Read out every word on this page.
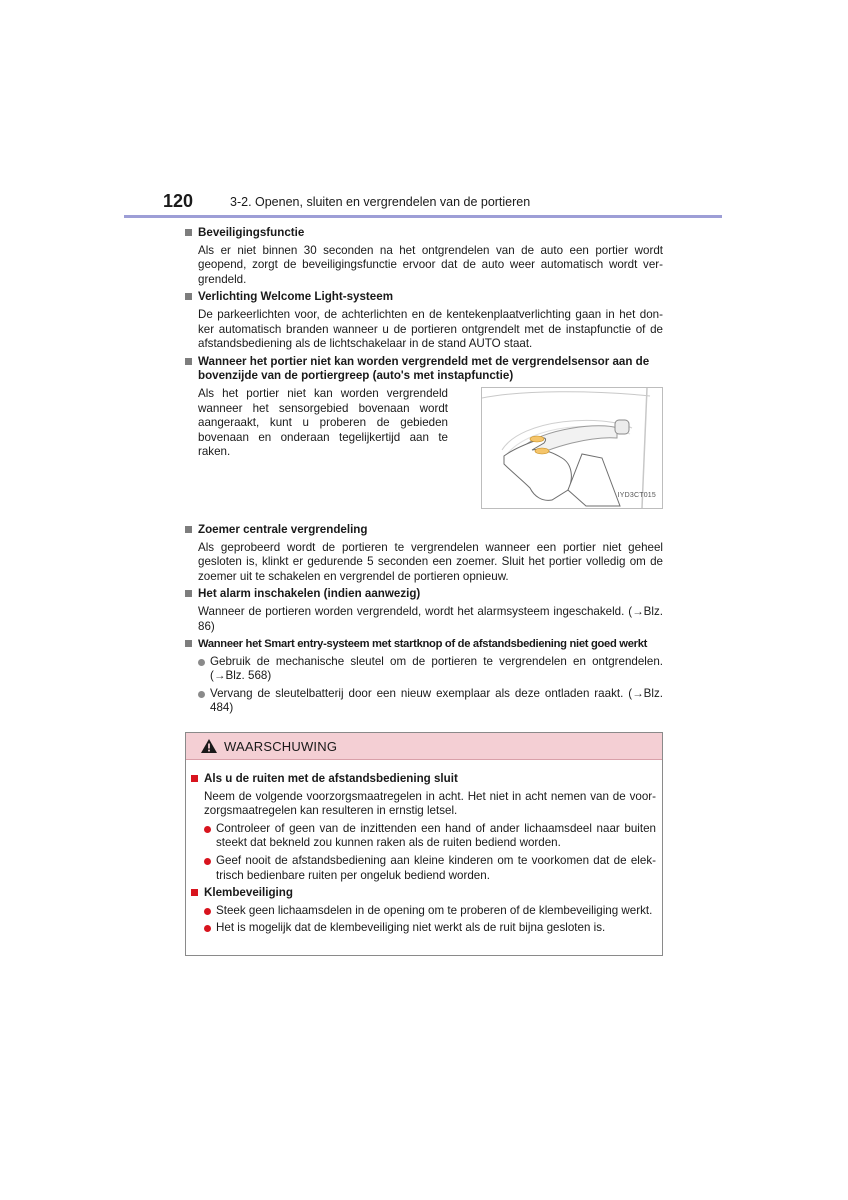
120	3-2. Openen, sluiten en vergrendelen van de portieren
Beveiligingsfunctie
Als er niet binnen 30 seconden na het ontgrendelen van de auto een portier wordt geopend, zorgt de beveiligingsfunctie ervoor dat de auto weer automatisch wordt ver-grendeld.
Verlichting Welcome Light-systeem
De parkeerlichten voor, de achterlichten en de kentekenplaatverlichting gaan in het don-ker automatisch branden wanneer u de portieren ontgrendelt met de instapfunctie of de afstandsbediening als de lichtschakelaar in de stand AUTO staat.
Wanneer het portier niet kan worden vergrendeld met de vergrendelsensor aan de bovenzijde van de portiergreep (auto's met instapfunctie)
Als het portier niet kan worden vergrendeld wanneer het sensorgebied bovenaan wordt aangeraakt, kunt u proberen de gebieden bovenaan en onderaan tegelijkertijd aan te raken.
IYD3CT015
Zoemer centrale vergrendeling
Als geprobeerd wordt de portieren te vergrendelen wanneer een portier niet geheel gesloten is, klinkt er gedurende 5 seconden een zoemer. Sluit het portier volledig om de zoemer uit te schakelen en vergrendel de portieren opnieuw.
Het alarm inschakelen (indien aanwezig)
Wanneer de portieren worden vergrendeld, wordt het alarmsysteem ingeschakeld. (→Blz. 86)
Wanneer het Smart entry-systeem met startknop of de afstandsbediening niet goed werkt
Gebruik de mechanische sleutel om de portieren te vergrendelen en ontgrendelen. (→Blz. 568)
Vervang de sleutelbatterij door een nieuw exemplaar als deze ontladen raakt. (→Blz. 484)
WAARSCHUWING
Als u de ruiten met de afstandsbediening sluit
Neem de volgende voorzorgsmaatregelen in acht. Het niet in acht nemen van de voor-zorgsmaatregelen kan resulteren in ernstig letsel.
Controleer of geen van de inzittenden een hand of ander lichaamsdeel naar buiten steekt dat bekneld zou kunnen raken als de ruiten bediend worden.
Geef nooit de afstandsbediening aan kleine kinderen om te voorkomen dat de elek-trisch bedienbare ruiten per ongeluk bediend worden.
Klembeveiliging
Steek geen lichaamsdelen in de opening om te proberen of de klembeveiliging werkt.
Het is mogelijk dat de klembeveiliging niet werkt als de ruit bijna gesloten is.
